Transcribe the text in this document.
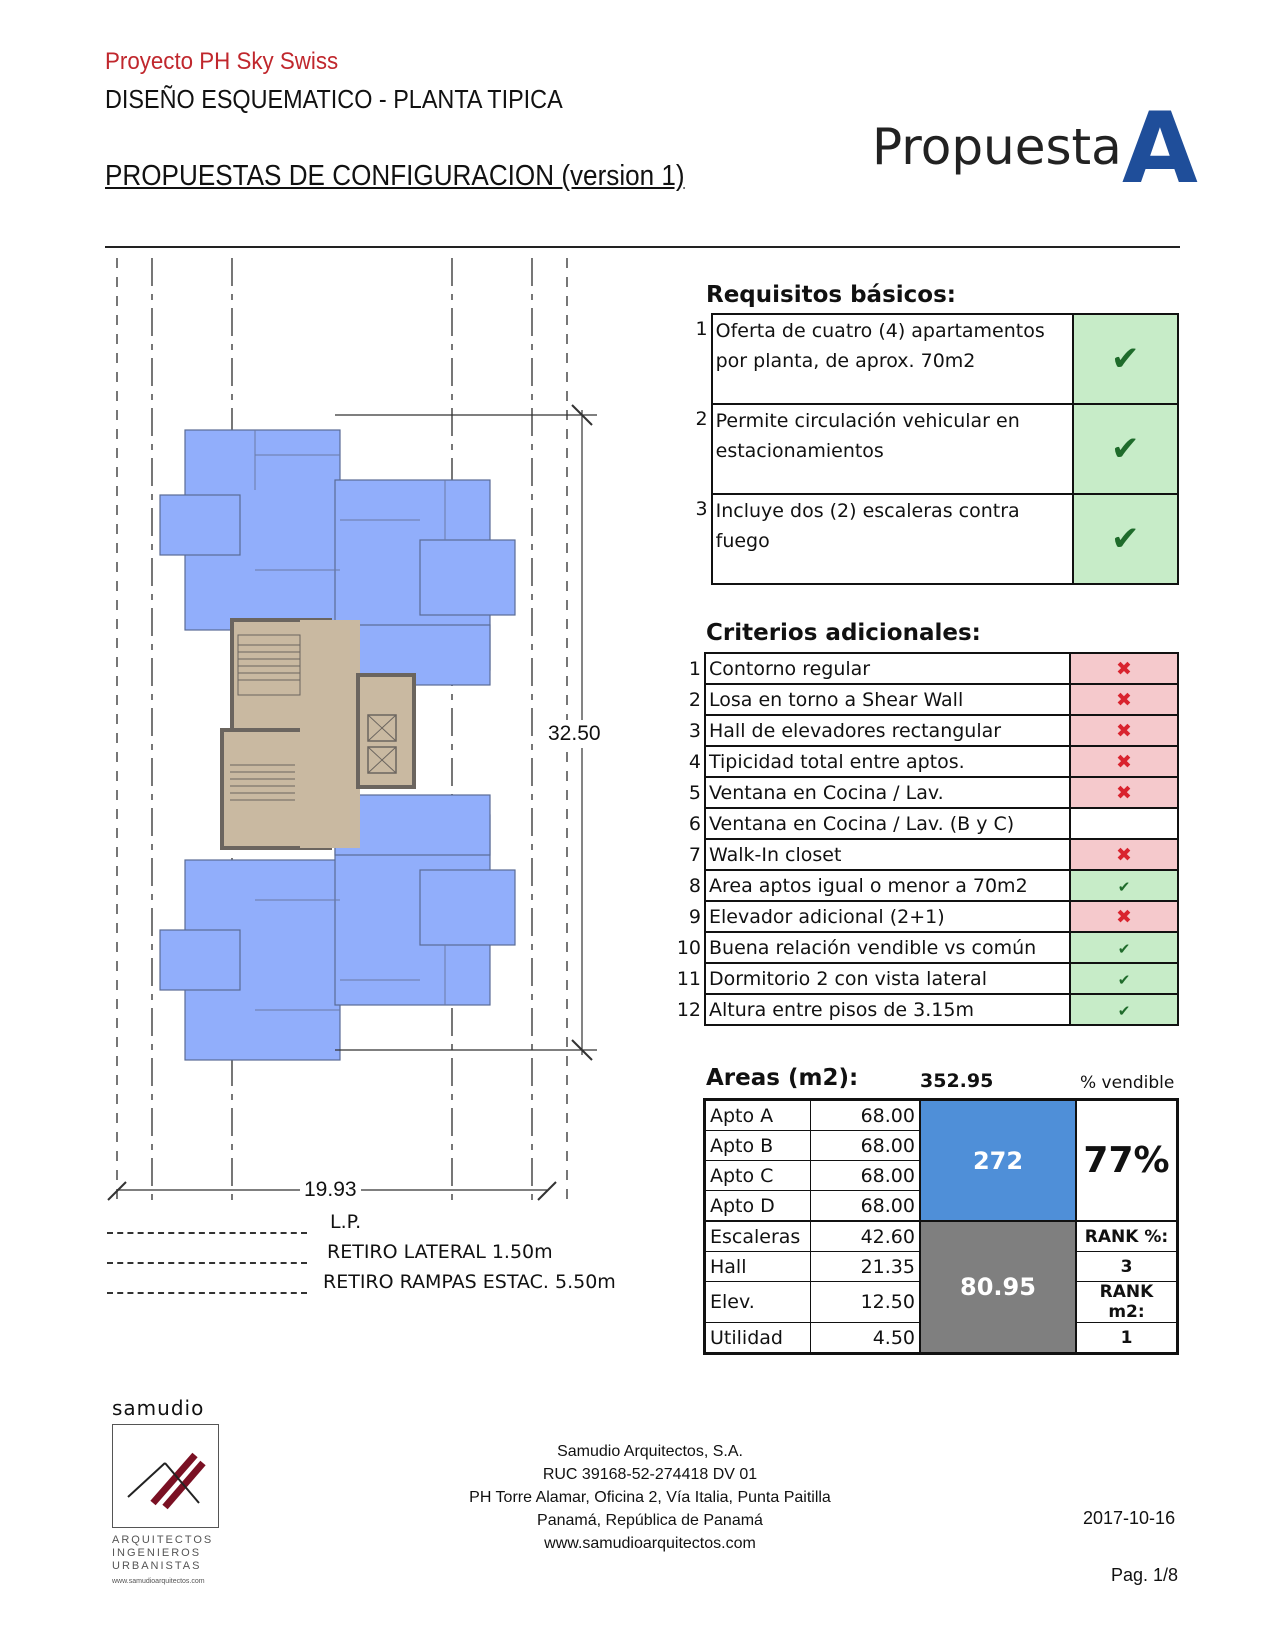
Proyecto PH Sky Swiss
DISEÑO ESQUEMATICO - PLANTA TIPICA
PROPUESTAS DE CONFIGURACION (version 1)	Propuesta A
32.50
19.93
L.P.
RETIRO LATERAL 1.50m
RETIRO RAMPAS ESTAC. 5.50m
Requisitos básicos:
1	Oferta de cuatro (4) apartamentos por planta, de aprox. 70m2	✔
2	Permite circulación vehicular en estacionamientos	✔
3	Incluye dos (2) escaleras contra fuego	✔
Criterios adicionales:
1	Contorno regular	✖
2	Losa en torno a Shear Wall	✖
3	Hall de elevadores rectangular	✖
4	Tipicidad total entre aptos.	✖
5	Ventana en Cocina / Lav.	✖
6	Ventana en Cocina / Lav. (B y C)	
7	Walk-In closet	✖
8	Area aptos igual o menor a 70m2	✔
9	Elevador adicional (2+1)	✖
10	Buena relación vendible vs común	✔
11	Dormitorio 2 con vista lateral	✔
12	Altura entre pisos de 3.15m	✔
Areas (m2):	352.95	% vendible
Apto A	68.00	272	77%
Apto B	68.00		
Apto C	68.00		
Apto D	68.00		
Escaleras	42.60	80.95	RANK %:
Hall	21.35		3
Elev.	12.50		RANK m2:
Utilidad	4.50		1
samudio
ARQUITECTOS
INGENIEROS
URBANISTAS
www.samudioarquitectos.com
Samudio Arquitectos, S.A.
RUC 39168-52-274418 DV 01
PH Torre Alamar, Oficina 2, Vía Italia, Punta Paitilla
Panamá, República de Panamá
www.samudioarquitectos.com
2017-10-16
Pag. 1/8
